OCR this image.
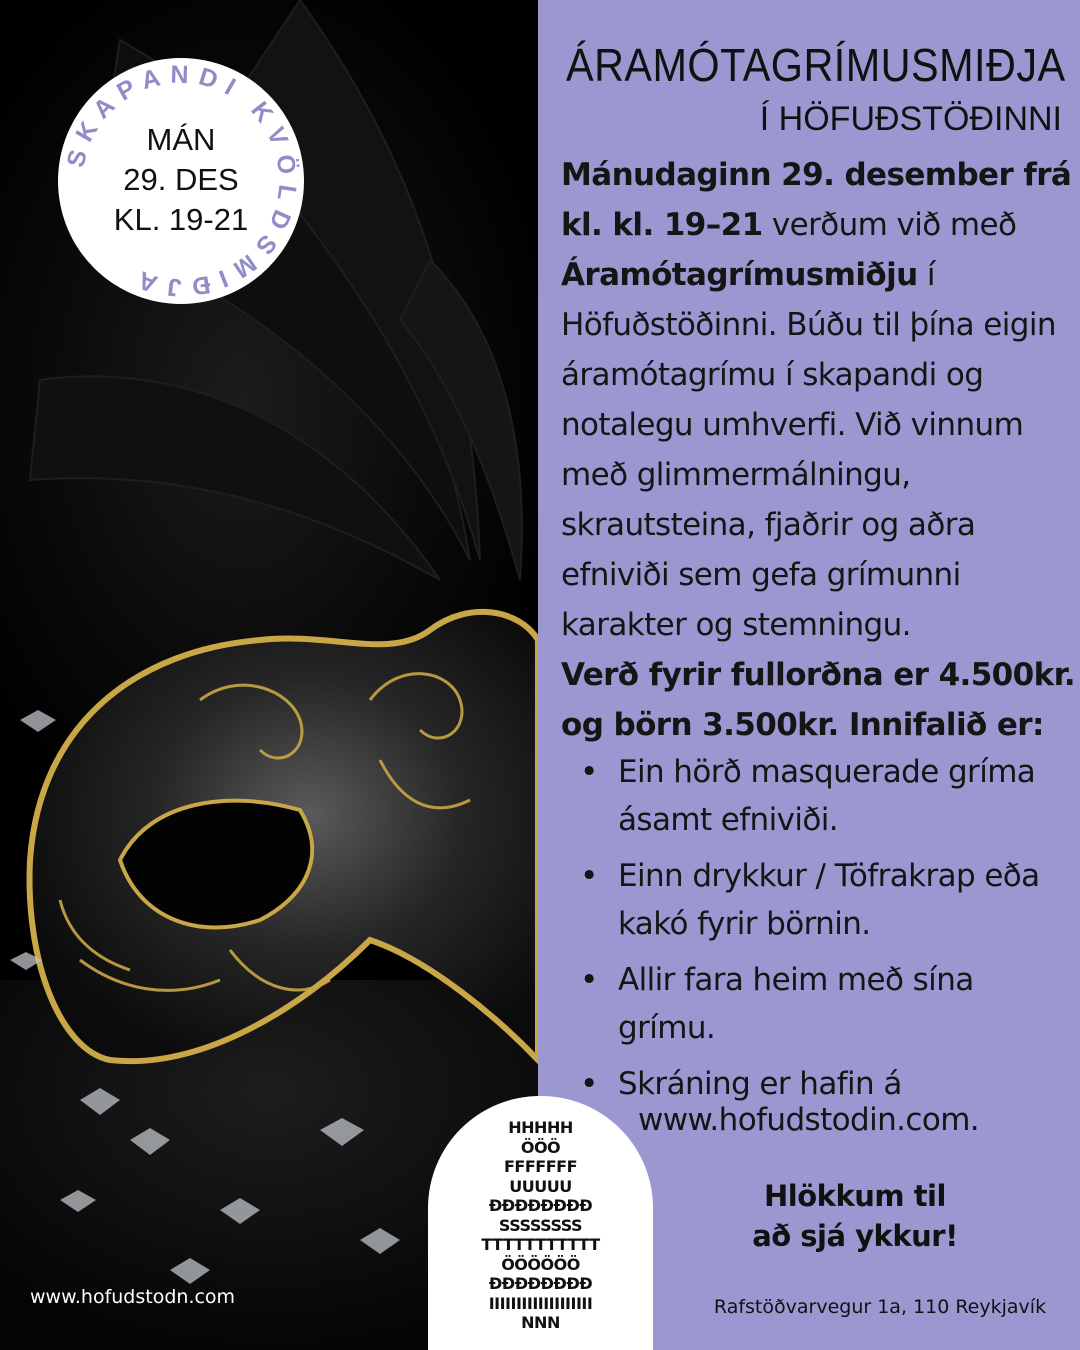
www.hofudstodn.com
SKAPANDI KVÖLDSMIÐJA
MÁN
29. DES
KL. 19-21
ÁRAMÓTAGRÍMUSMIÐJA
Í HÖFUÐSTÖÐINNI
Mánudaginn 29. desember frá kl. kl. 19–21 verðum við með Áramótagrímusmiðju í Höfuðstöðinni. Búðu til þína eigin áramótagrímu í skapandi og notalegu umhverfi. Við vinnum með glimmermálningu, skrautsteina, fjaðrir og aðra efniviði sem gefa grímunni karakter og stemningu.
Verð fyrir fullorðna er 4.500kr. og börn 3.500kr. Innifalið er:
• Ein hörð masquerade gríma ásamt efniviði.
• Einn drykkur / Töfrakrap eða kakó fyrir börnin.
• Allir fara heim með sína grímu.
• Skráning er hafin á
www.hofudstodin.com.
Hlökkum til
að sjá ykkur!
Rafstöðvarvegur 1a, 110 Reykjavík
HHHHH
ÖÖÖ
FFFFFFF
UUUUU
ÐÐÐÐÐÐÐÐ
SSSSSSSS
TTTTTTTTTTT
ÖÖÖÖÖÖ
ÐÐÐÐÐÐÐÐ
IIIIIIIIIIIIIIIIIII
NNN
